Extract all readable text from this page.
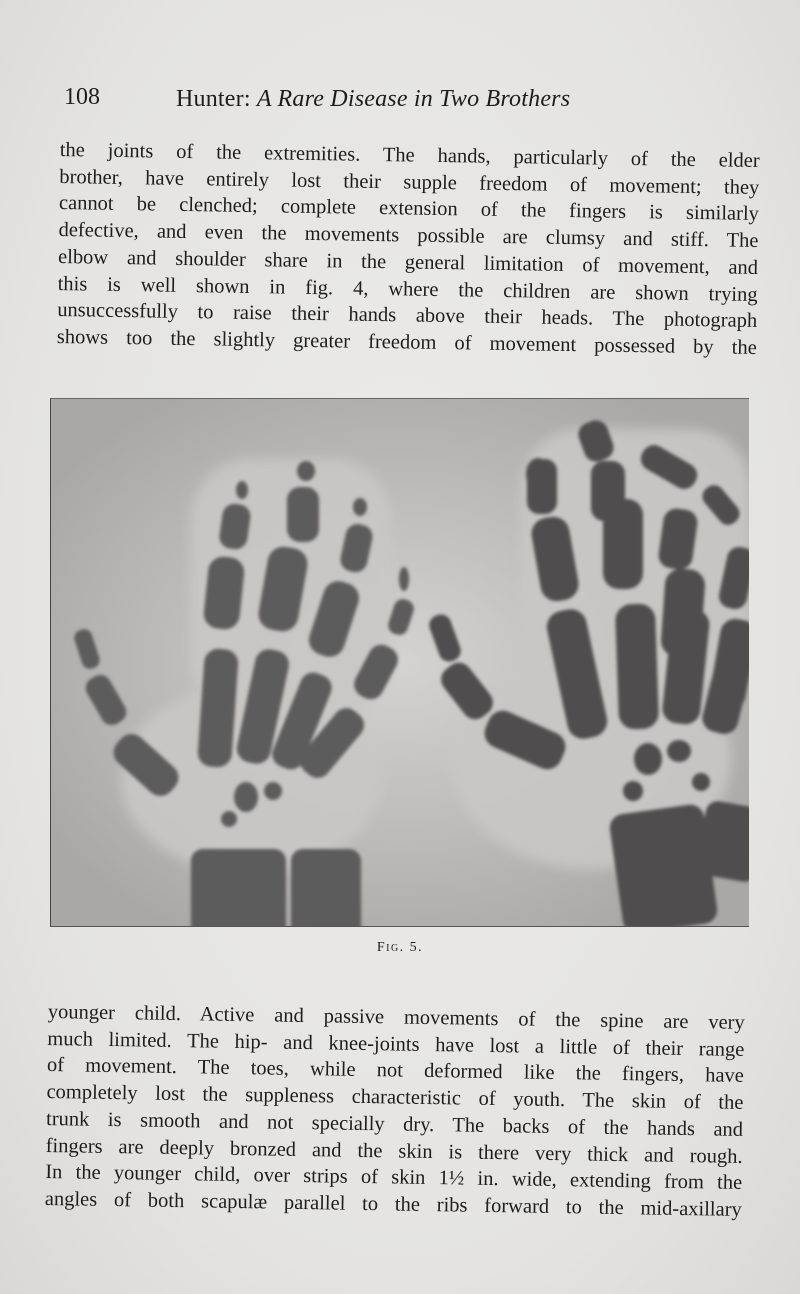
108	Hunter: A Rare Disease in Two Brothers
the joints of the extremities. The hands, particularly of the elder
brother, have entirely lost their supple freedom of movement; they
cannot be clenched; complete extension of the fingers is similarly
defective, and even the movements possible are clumsy and stiff. The
elbow and shoulder share in the general limitation of movement, and
this is well shown in fig. 4, where the children are shown trying
unsuccessfully to raise their hands above their heads. The photograph
shows too the slightly greater freedom of movement possessed by the
Fig. 5.
younger child. Active and passive movements of the spine are very
much limited. The hip- and knee-joints have lost a little of their range
of movement. The toes, while not deformed like the fingers, have
completely lost the suppleness characteristic of youth. The skin of the
trunk is smooth and not specially dry. The backs of the hands and
fingers are deeply bronzed and the skin is there very thick and rough.
In the younger child, over strips of skin 1½ in. wide, extending from the
angles of both scapulæ parallel to the ribs forward to the mid-axillary
